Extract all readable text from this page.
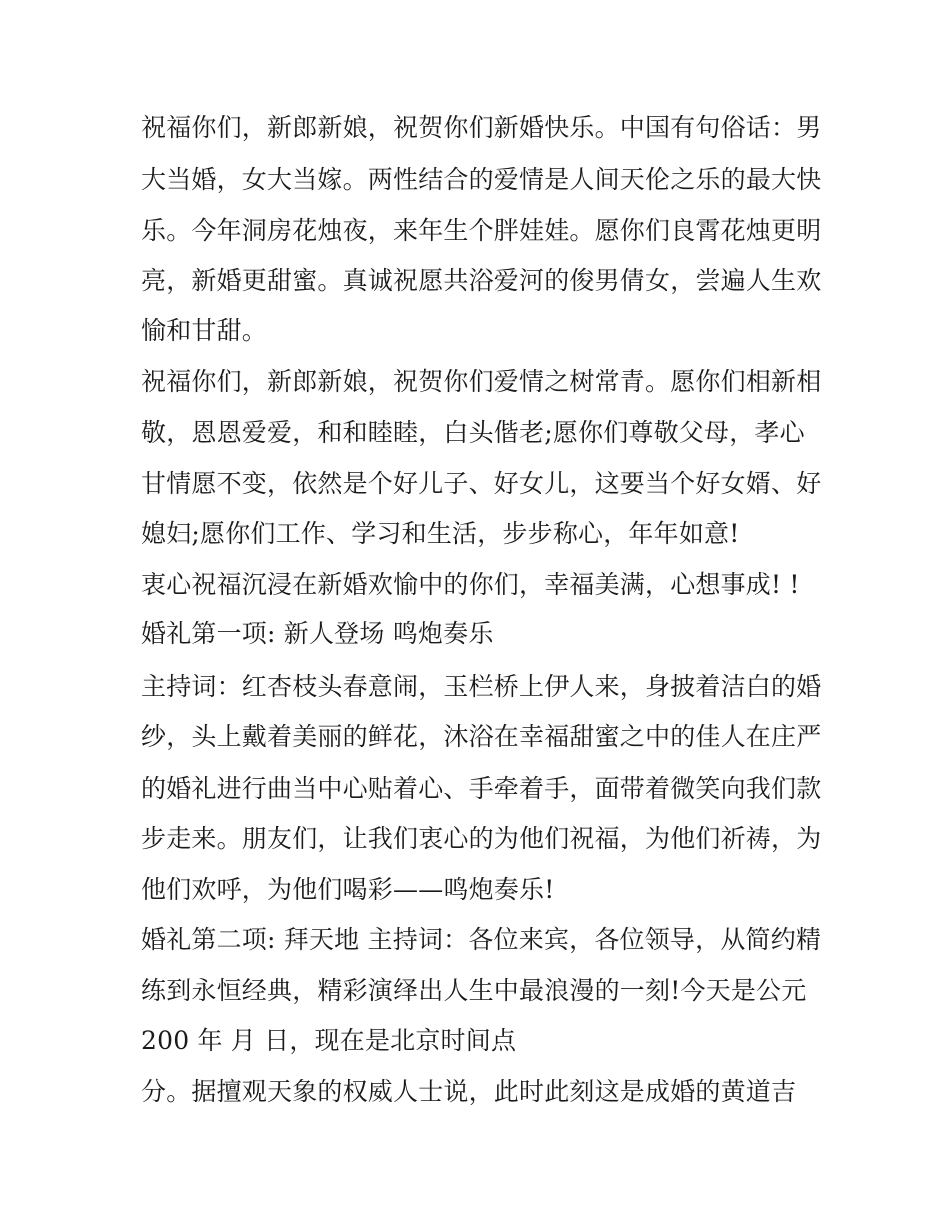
祝福你们，新郎新娘，祝贺你们新婚快乐。中国有句俗话：男
大当婚，女大当嫁。两性结合的爱情是人间天伦之乐的最大快
乐。今年洞房花烛夜，来年生个胖娃娃。愿你们良霄花烛更明
亮，新婚更甜蜜。真诚祝愿共浴爱河的俊男倩女，尝遍人生欢
愉和甘甜。
祝福你们，新郎新娘，祝贺你们爱情之树常青。愿你们相新相
敬，恩恩爱爱，和和睦睦，白头偕老;愿你们尊敬父母，孝心
甘情愿不变，依然是个好儿子、好女儿，这要当个好女婿、好
媳妇;愿你们工作、学习和生活，步步称心，年年如意!
衷心祝福沉浸在新婚欢愉中的你们，幸福美满，心想事成! !
婚礼第一项: 新人登场 鸣炮奏乐
主持词：红杏枝头春意闹，玉栏桥上伊人来，身披着洁白的婚
纱，头上戴着美丽的鲜花，沐浴在幸福甜蜜之中的佳人在庄严
的婚礼进行曲当中心贴着心、手牵着手，面带着微笑向我们款
步走来。朋友们，让我们衷心的为他们祝福，为他们祈祷，为
他们欢呼，为他们喝彩——鸣炮奏乐!
婚礼第二项: 拜天地 主持词：各位来宾，各位领导，从简约精
练到永恒经典，精彩演绎出人生中最浪漫的一刻!今天是公元
200 年 月 日，现在是北京时间点
分。据擅观天象的权威人士说，此时此刻这是成婚的黄道吉
